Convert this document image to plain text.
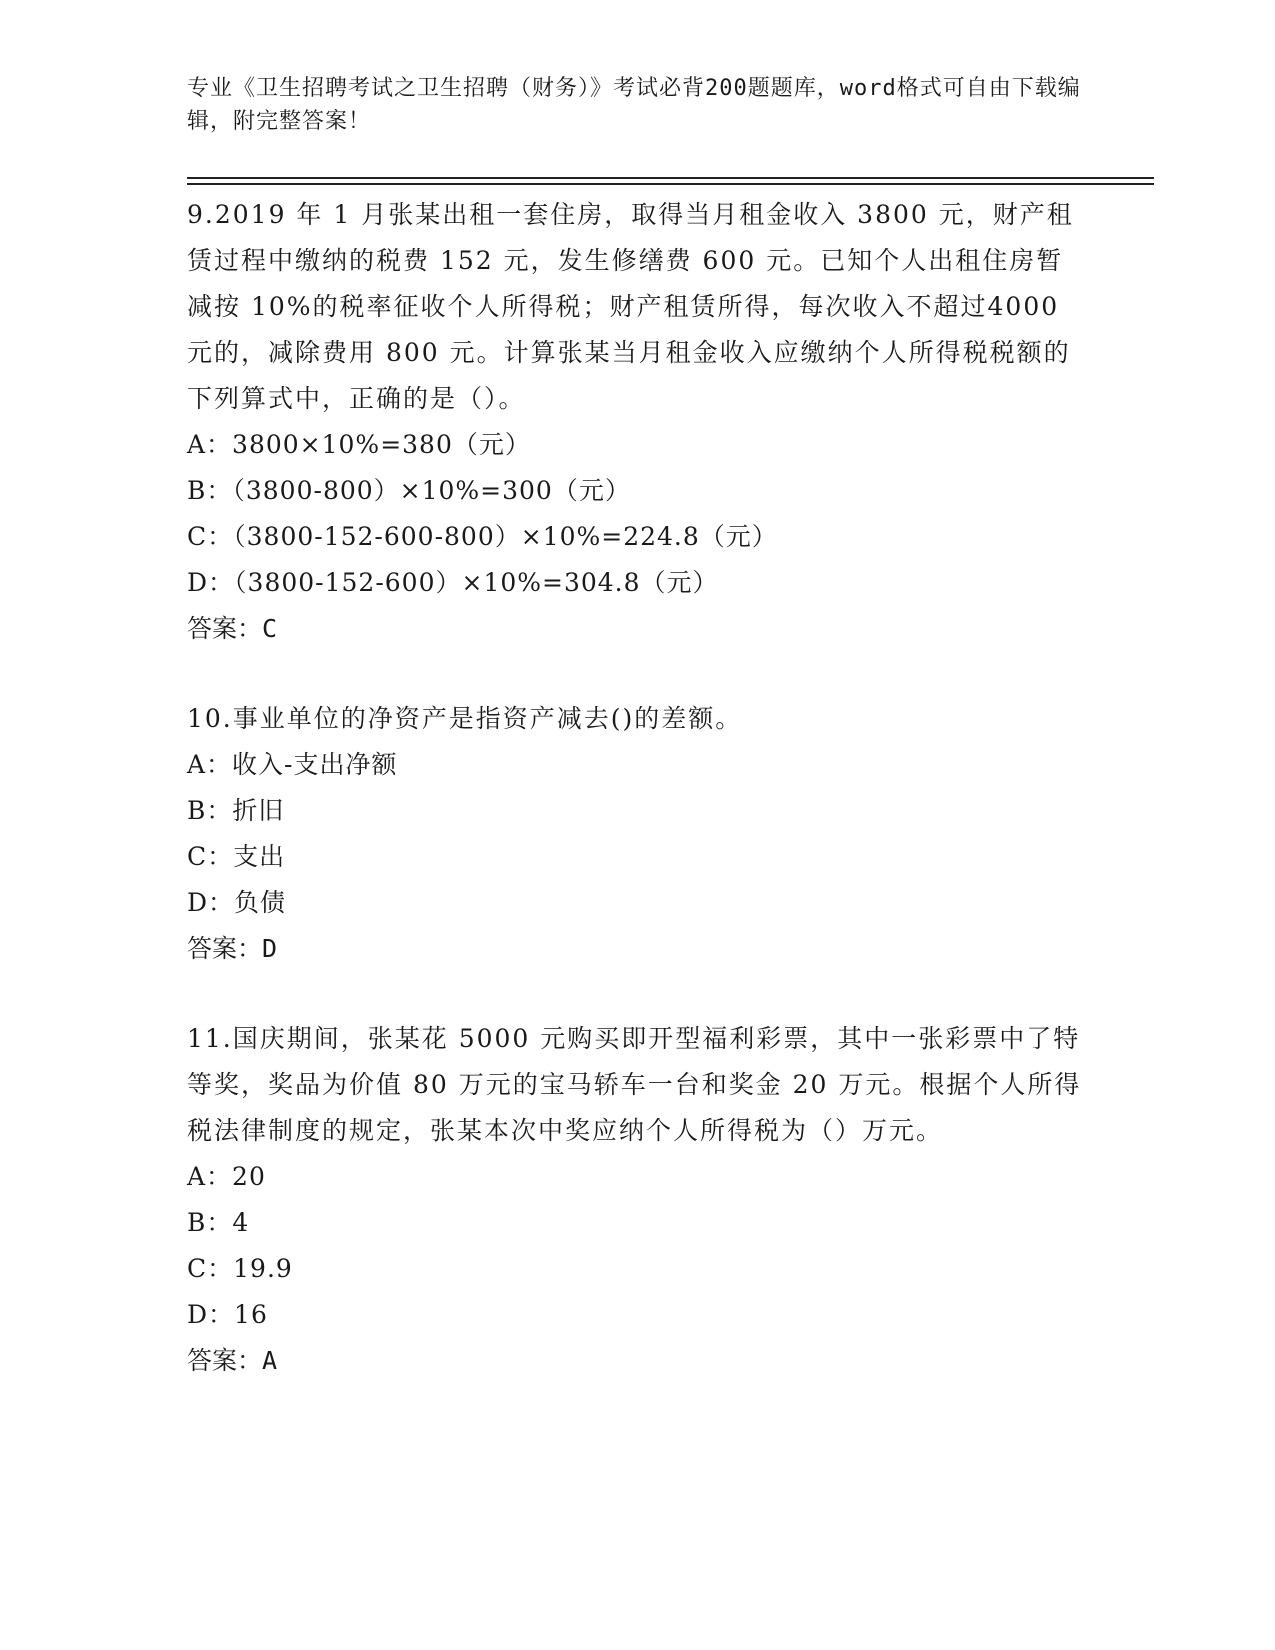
专业《卫生招聘考试之卫生招聘（财务）》考试必背200题题库，word格式可自由下载编辑，附完整答案！

9.2019 年 1 月张某出租一套住房，取得当月租金收入 3800 元，财产租赁过程中缴纳的税费 152 元，发生修缮费 600 元。已知个人出租住房暂减按 10%的税率征收个人所得税；财产租赁所得，每次收入不超过4000 元的，减除费用 800 元。计算张某当月租金收入应缴纳个人所得税税额的下列算式中，正确的是（）。

A：3800×10%=380（元）

B：（3800-800）×10%=300（元）

C：（3800-152-600-800）×10%=224.8（元）

D：（3800-152-600）×10%=304.8（元）

答案：C

10.事业单位的净资产是指资产减去()的差额。

A：收入-支出净额

B：折旧

C：支出

D：负债

答案：D

11.国庆期间，张某花 5000 元购买即开型福利彩票，其中一张彩票中了特等奖，奖品为价值 80 万元的宝马轿车一台和奖金 20 万元。根据个人所得税法律制度的规定，张某本次中奖应纳个人所得税为（）万元。

A：20

B：4

C：19.9

D：16

答案：A
